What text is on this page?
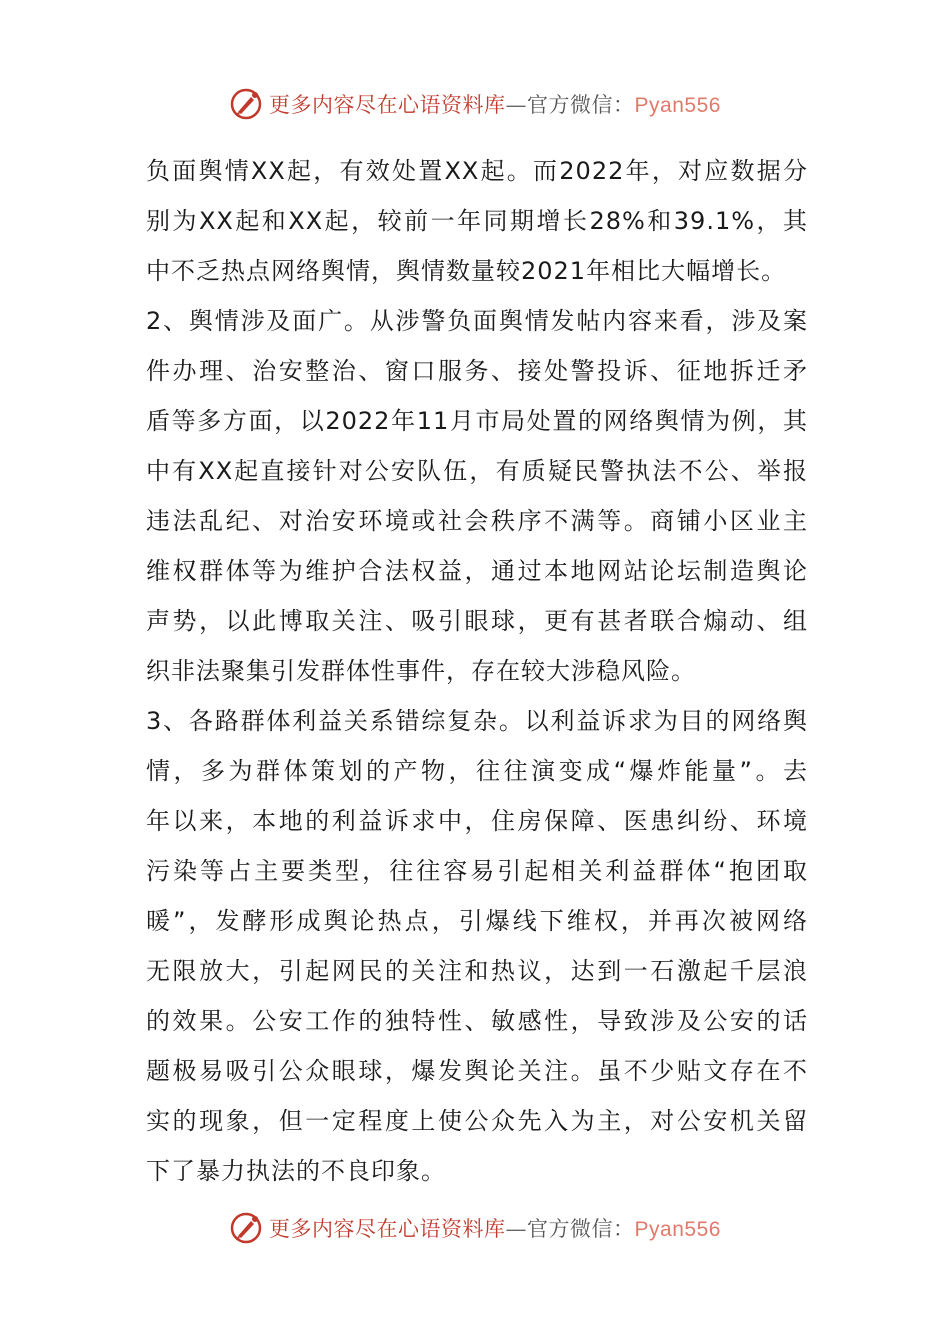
更多内容尽在心语资料库—官方微信：Pyan556
负面舆情XX起，有效处置XX起。而2022年，对应数据分
别为XX起和XX起，较前一年同期增长28%和39.1%，其
中不乏热点网络舆情，舆情数量较2021年相比大幅增长。
2、舆情涉及面广。从涉警负面舆情发帖内容来看，涉及案
件办理、治安整治、窗口服务、接处警投诉、征地拆迁矛
盾等多方面，以2022年11月市局处置的网络舆情为例，其
中有XX起直接针对公安队伍，有质疑民警执法不公、举报
违法乱纪、对治安环境或社会秩序不满等。商铺小区业主
维权群体等为维护合法权益，通过本地网站论坛制造舆论
声势，以此博取关注、吸引眼球，更有甚者联合煽动、组
织非法聚集引发群体性事件，存在较大涉稳风险。
3、各路群体利益关系错综复杂。以利益诉求为目的网络舆
情，多为群体策划的产物，往往演变成“爆炸能量”。去
年以来，本地的利益诉求中，住房保障、医患纠纷、环境
污染等占主要类型，往往容易引起相关利益群体“抱团取
暖”，发酵形成舆论热点，引爆线下维权，并再次被网络
无限放大，引起网民的关注和热议，达到一石激起千层浪
的效果。公安工作的独特性、敏感性，导致涉及公安的话
题极易吸引公众眼球，爆发舆论关注。虽不少贴文存在不
实的现象，但一定程度上使公众先入为主，对公安机关留
下了暴力执法的不良印象。
更多内容尽在心语资料库—官方微信：Pyan556
